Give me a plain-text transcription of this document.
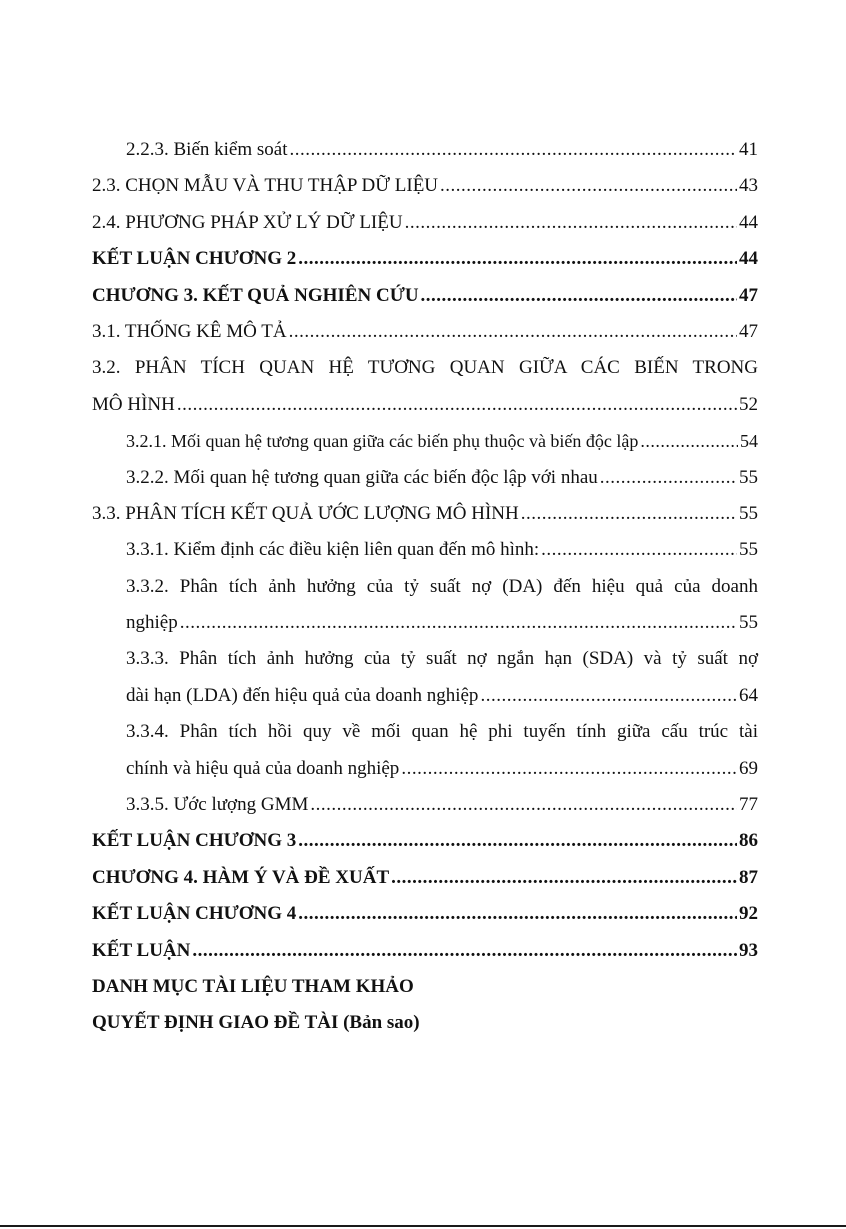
2.2.3. Biến kiểm soát .....	41
2.3. CHỌN MẪU VÀ THU THẬP DỮ LIỆU .....	43
2.4. PHƯƠNG PHÁP XỬ LÝ DỮ LIỆU .....	44
KẾT LUẬN CHƯƠNG 2 .....	44
CHƯƠNG 3. KẾT QUẢ NGHIÊN CỨU .....	47
3.1. THỐNG KÊ MÔ TẢ .....	47
3.2. PHÂN TÍCH QUAN HỆ TƯƠNG QUAN GIỮA CÁC BIẾN TRONG
MÔ HÌNH .....	52
3.2.1. Mối quan hệ tương quan giữa các biến phụ thuộc và biến độc lập .....	54
3.2.2. Mối quan hệ tương quan giữa các biến độc lập với nhau .....	55
3.3. PHÂN TÍCH KẾT QUẢ ƯỚC LƯỢNG MÔ HÌNH .....	55
3.3.1. Kiểm định các điều kiện liên quan đến mô hình: .....	55
3.3.2. Phân tích ảnh hưởng của tỷ suất nợ (DA) đến hiệu quả của doanh
nghiệp .....	55
3.3.3. Phân tích ảnh hưởng của tỷ suất nợ ngắn hạn (SDA) và tỷ suất nợ
dài hạn (LDA) đến hiệu quả của doanh nghiệp .....	64
3.3.4. Phân tích hồi quy về mối quan hệ phi tuyến tính giữa cấu trúc tài
chính và hiệu quả của doanh nghiệp .....	69
3.3.5. Ước lượng GMM .....	77
KẾT LUẬN CHƯƠNG 3 .....	86
CHƯƠNG 4. HÀM Ý VÀ ĐỀ XUẤT .....	87
KẾT LUẬN CHƯƠNG 4 .....	92
KẾT LUẬN .....	93
DANH MỤC TÀI LIỆU THAM KHẢO
QUYẾT ĐỊNH GIAO ĐỀ TÀI (Bản sao)
